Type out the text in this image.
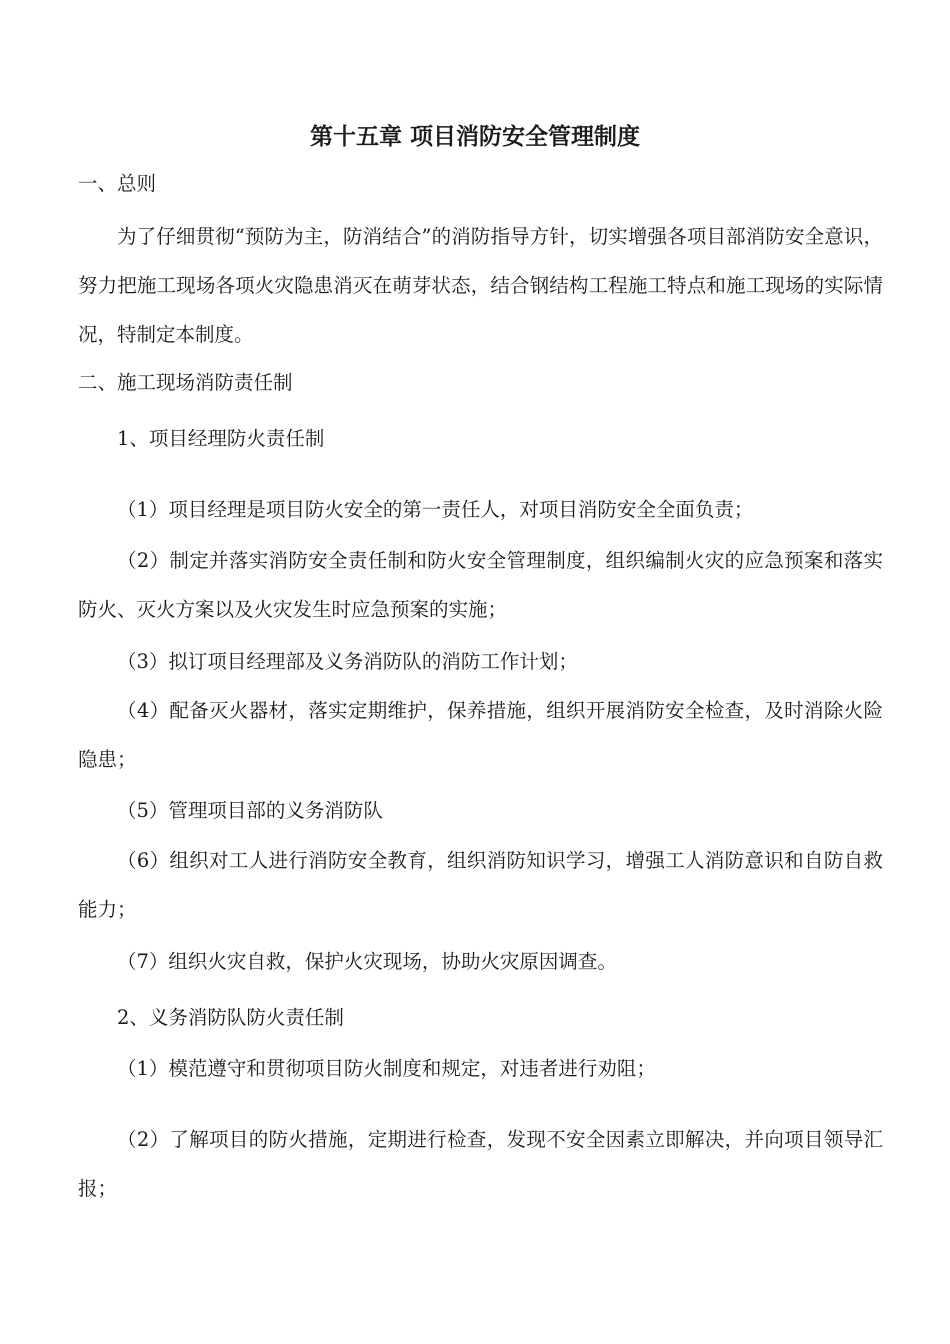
第十五章 项目消防安全管理制度

一、总则

为了仔细贯彻“预防为主，防消结合”的消防指导方针，切实增强各项目部消防安全意识，努力把施工现场各项火灾隐患消灭在萌芽状态，结合钢结构工程施工特点和施工现场的实际情况，特制定本制度。

二、施工现场消防责任制

1、项目经理防火责任制

（1）项目经理是项目防火安全的第一责任人，对项目消防安全全面负责；

（2）制定并落实消防安全责任制和防火安全管理制度，组织编制火灾的应急预案和落实防火、灭火方案以及火灾发生时应急预案的实施；

（3）拟订项目经理部及义务消防队的消防工作计划；

（4）配备灭火器材，落实定期维护，保养措施，组织开展消防安全检查，及时消除火险隐患；

（5）管理项目部的义务消防队

（6）组织对工人进行消防安全教育，组织消防知识学习，增强工人消防意识和自防自救能力；

（7）组织火灾自救，保护火灾现场，协助火灾原因调查。

2、义务消防队防火责任制

（1）模范遵守和贯彻项目防火制度和规定，对违者进行劝阻；

（2）了解项目的防火措施，定期进行检查，发现不安全因素立即解决，并向项目领导汇报；
